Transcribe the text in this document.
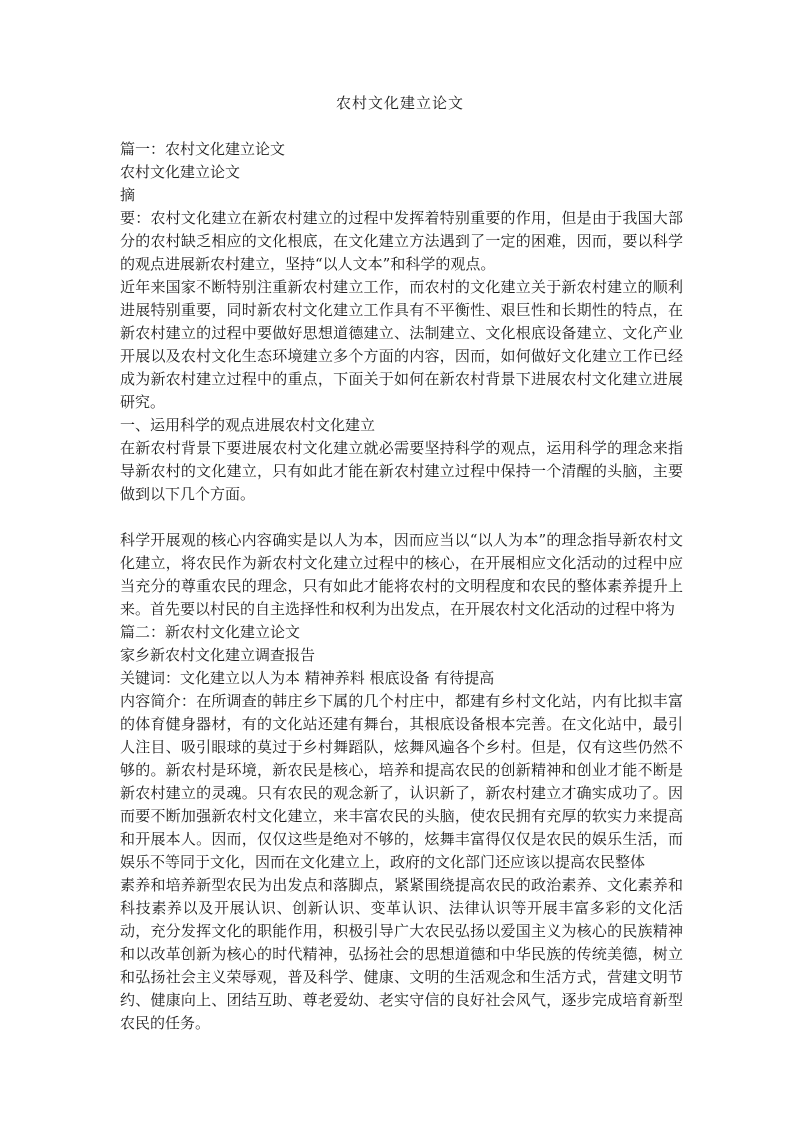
农村文化建立论文

篇一：农村文化建立论文

农村文化建立论文

摘

要：农村文化建立在新农村建立的过程中发挥着特别重要的作用，但是由于我国大部分的农村缺乏相应的文化根底，在文化建立方法遇到了一定的困难，因而，要以科学的观点进展新农村建立，坚持“以人文本”和科学的观点。

近年来国家不断特别注重新农村建立工作，而农村的文化建立关于新农村建立的顺利进展特别重要，同时新农村文化建立工作具有不平衡性、艰巨性和长期性的特点，在新农村建立的过程中要做好思想道德建立、法制建立、文化根底设备建立、文化产业开展以及农村文化生态环境建立多个方面的内容，因而，如何做好文化建立工作已经成为新农村建立过程中的重点，下面关于如何在新农村背景下进展农村文化建立进展研究。

一、运用科学的观点进展农村文化建立

在新农村背景下要进展农村文化建立就必需要坚持科学的观点，运用科学的理念来指导新农村的文化建立，只有如此才能在新农村建立过程中保持一个清醒的头脑，主要做到以下几个方面。

科学开展观的核心内容确实是以人为本，因而应当以“以人为本”的理念指导新农村文化建立，将农民作为新农村文化建立过程中的核心，在开展相应文化活动的过程中应当充分的尊重农民的理念，只有如此才能将农村的文明程度和农民的整体素养提升上来。首先要以村民的自主选择性和权利为出发点，在开展农村文化活动的过程中将为

篇二：新农村文化建立论文

家乡新农村文化建立调查报告

关键词：文化建立以人为本 精神养料 根底设备 有待提高

内容简介：在所调查的韩庄乡下属的几个村庄中，都建有乡村文化站，内有比拟丰富的体育健身器材，有的文化站还建有舞台，其根底设备根本完善。在文化站中，最引人注目、吸引眼球的莫过于乡村舞蹈队，炫舞风遍各个乡村。但是，仅有这些仍然不够的。新农村是环境，新农民是核心，培养和提高农民的创新精神和创业才能不断是新农村建立的灵魂。只有农民的观念新了，认识新了，新农村建立才确实成功了。因而要不断加强新农村文化建立，来丰富农民的头脑，使农民拥有充厚的软实力来提高和开展本人。因而，仅仅这些是绝对不够的，炫舞丰富得仅仅是农民的娱乐生活，而娱乐不等同于文化，因而在文化建立上，政府的文化部门还应该以提高农民整体

素养和培养新型农民为出发点和落脚点，紧紧围绕提高农民的政治素养、文化素养和科技素养以及开展认识、创新认识、变革认识、法律认识等开展丰富多彩的文化活动，充分发挥文化的职能作用，积极引导广大农民弘扬以爱国主义为核心的民族精神和以改革创新为核心的时代精神，弘扬社会的思想道德和中华民族的传统美德，树立和弘扬社会主义荣辱观，普及科学、健康、文明的生活观念和生活方式，营建文明节约、健康向上、团结互助、尊老爱幼、老实守信的良好社会风气，逐步完成培育新型农民的任务。
